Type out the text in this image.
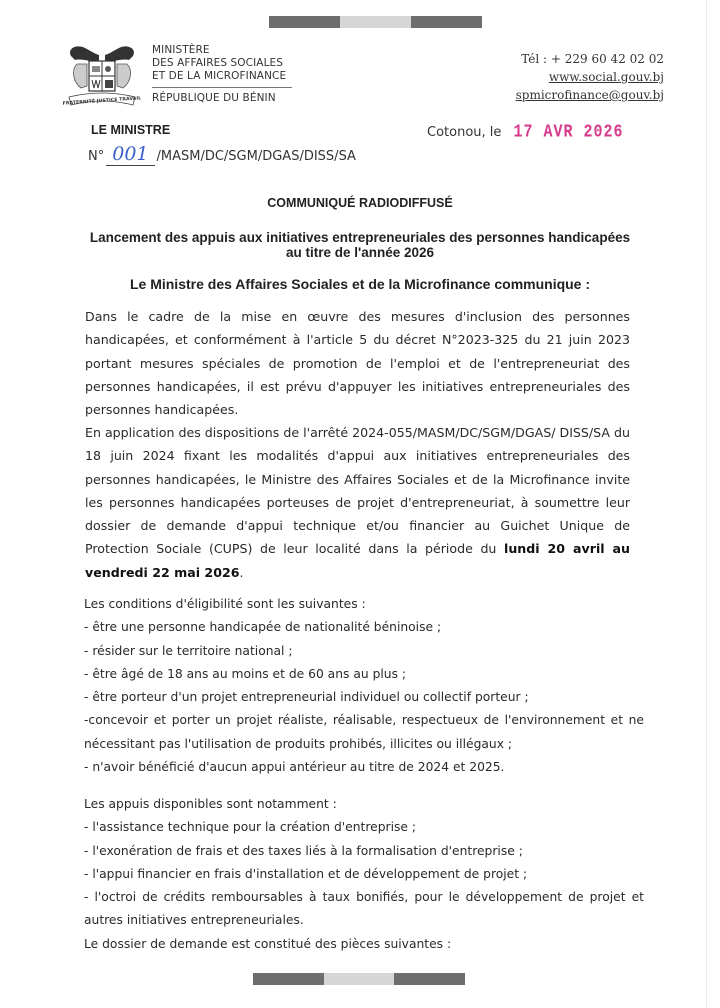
FRATERNITÉ JUSTICE TRAVAIL
MINISTÈRE
DES AFFAIRES SOCIALES
ET DE LA MICROFINANCE
RÉPUBLIQUE DU BÉNIN
Tél : + 229 60 42 02 02
www.social.gouv.bj
spmicrofinance@gouv.bj
LE MINISTRE
N° 001 /MASM/DC/SGM/DGAS/DISS/SA
Cotonou, le 17 AVR 2026
COMMUNIQUÉ RADIODIFFUSÉ
Lancement des appuis aux initiatives entrepreneuriales des personnes handicapées
au titre de l'année 2026
Le Ministre des Affaires Sociales et de la Microfinance communique :

Dans le cadre de la mise en œuvre des mesures d'inclusion des personnes handicapées, et conformément à l'article 5 du décret N°2023-325 du 21 juin 2023 portant mesures spéciales de promotion de l'emploi et de l'entrepreneuriat des personnes handicapées, il est prévu d'appuyer les initiatives entrepreneuriales des personnes handicapées.

En application des dispositions de l'arrêté 2024-055/MASM/DC/SGM/DGAS/ DISS/SA du 18 juin 2024 fixant les modalités d'appui aux initiatives entrepreneuriales des personnes handicapées, le Ministre des Affaires Sociales et de la Microfinance invite les personnes handicapées porteuses de projet d'entrepreneuriat, à soumettre leur dossier de demande d'appui technique et/ou financier au Guichet Unique de Protection Sociale (CUPS) de leur localité dans la période du lundi 20 avril au vendredi 22 mai 2026.

Les conditions d'éligibilité sont les suivantes :

- être une personne handicapée de nationalité béninoise ;

- résider sur le territoire national ;

- être âgé de 18 ans au moins et de 60 ans au plus ;

- être porteur d'un projet entrepreneurial individuel ou collectif porteur ;

-concevoir et porter un projet réaliste, réalisable, respectueux de l'environnement et ne nécessitant pas l'utilisation de produits prohibés, illicites ou illégaux ;

- n'avoir bénéficié d'aucun appui antérieur au titre de 2024 et 2025.

Les appuis disponibles sont notamment :

- l'assistance technique pour la création d'entreprise ;

- l'exonération de frais et des taxes liés à la formalisation d'entreprise ;

- l'appui financier en frais d'installation et de développement de projet ;

- l'octroi de crédits remboursables à taux bonifiés, pour le développement de projet et autres initiatives entrepreneuriales.

Le dossier de demande est constitué des pièces suivantes :
